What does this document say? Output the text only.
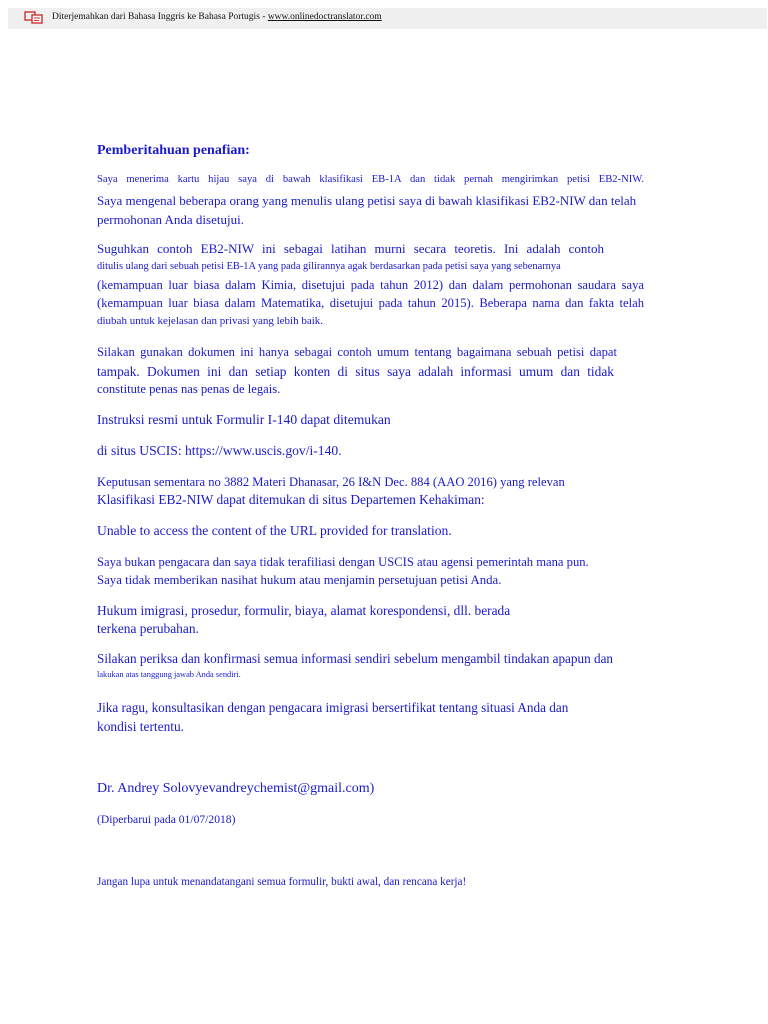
Diterjemahkan dari Bahasa Inggris ke Bahasa Portugis - www.onlinedoctranslator.com
Pemberitahuan penafian:
Saya menerima kartu hijau saya di bawah klasifikasi EB-1A dan tidak pernah mengirimkan petisi EB2-NIW.
Saya mengenal beberapa orang yang menulis ulang petisi saya di bawah klasifikasi EB2-NIW dan telah
permohonan Anda disetujui.
Suguhkan contoh EB2-NIW ini sebagai latihan murni secara teoretis. Ini adalah contoh
ditulis ulang dari sebuah petisi EB-1A yang pada gilirannya agak berdasarkan pada petisi saya yang sebenarnya
(kemampuan luar biasa dalam Kimia, disetujui pada tahun 2012) dan dalam permohonan saudara saya
(kemampuan luar biasa dalam Matematika, disetujui pada tahun 2015). Beberapa nama dan fakta telah
diubah untuk kejelasan dan privasi yang lebih baik.
Silakan gunakan dokumen ini hanya sebagai contoh umum tentang bagaimana sebuah petisi dapat
tampak. Dokumen ini dan setiap konten di situs saya adalah informasi umum dan tidak
constitute penas nas penas de legais.
Instruksi resmi untuk Formulir I-140 dapat ditemukan
di situs USCIS: https://www.uscis.gov/i-140.
Keputusan sementara no 3882 Materi Dhanasar, 26 I&N Dec. 884 (AAO 2016) yang relevan
Klasifikasi EB2-NIW dapat ditemukan di situs Departemen Kehakiman:
Unable to access the content of the URL provided for translation.
Saya bukan pengacara dan saya tidak terafiliasi dengan USCIS atau agensi pemerintah mana pun.
Saya tidak memberikan nasihat hukum atau menjamin persetujuan petisi Anda.
Hukum imigrasi, prosedur, formulir, biaya, alamat korespondensi, dll. berada
terkena perubahan.
Silakan periksa dan konfirmasi semua informasi sendiri sebelum mengambil tindakan apapun dan
lakukan atas tanggung jawab Anda sendiri.
Jika ragu, konsultasikan dengan pengacara imigrasi bersertifikat tentang situasi Anda dan
kondisi tertentu.
Dr. Andrey Solovyevandreychemist@gmail.com)
(Diperbarui pada 01/07/2018)
Jangan lupa untuk menandatangani semua formulir, bukti awal, dan rencana kerja!
